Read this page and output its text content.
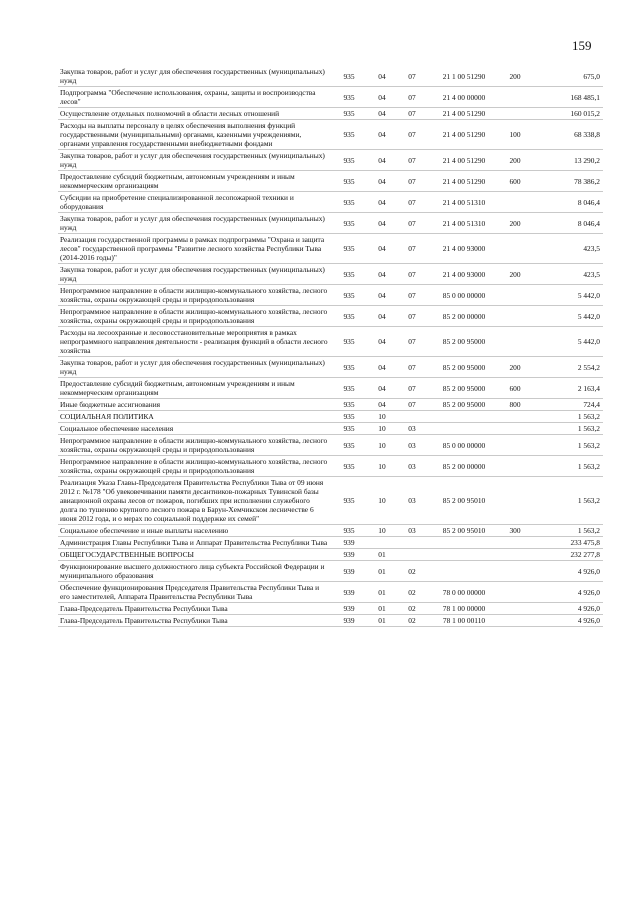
159
Закупка товаров, работ и услуг для обеспечения государственных (муниципальных) нужд	935	04	07	21 1 00 51290	200	675,0
Подпрограмма "Обеспечение использования, охраны, защиты и воспроизводства лесов"	935	04	07	21 4 00 00000		168 485,1
Осуществление отдельных полномочий в области лесных отношений	935	04	07	21 4 00 51290		160 015,2
Расходы на выплаты персоналу в целях обеспечения выполнения функций государственными (муниципальными) органами, казенными учреждениями, органами управления государственными внебюджетными фондами	935	04	07	21 4 00 51290	100	68 338,8
Закупка товаров, работ и услуг для обеспечения государственных (муниципальных) нужд	935	04	07	21 4 00 51290	200	13 290,2
Предоставление субсидий бюджетным, автономным учреждениям и иным некоммерческим организациям	935	04	07	21 4 00 51290	600	78 386,2
Субсидии на приобретение специализированной лесопожарной техники и оборудования	935	04	07	21 4 00 51310		8 046,4
Закупка товаров, работ и услуг для обеспечения государственных (муниципальных) нужд	935	04	07	21 4 00 51310	200	8 046,4
Реализация государственной программы в рамках подпрограммы "Охрана и защита лесов" государственной программы "Развитие лесного хозяйства Республики Тыва (2014-2016 годы)"	935	04	07	21 4 00 93000		423,5
Закупка товаров, работ и услуг для обеспечения государственных (муниципальных) нужд	935	04	07	21 4 00 93000	200	423,5
Непрограммное направление в области жилищно-коммунального хозяйства, лесного хозяйства, охраны окружающей среды и природопользования	935	04	07	85 0 00 00000		5 442,0
Непрограммное направление в области жилищно-коммунального хозяйства, лесного хозяйства, охраны окружающей среды и природопользования	935	04	07	85 2 00 00000		5 442,0
Расходы на лесоохранные и лесовосстановительные мероприятия в рамках непрограммного направления деятельности - реализация функций в области лесного хозяйства	935	04	07	85 2 00 95000		5 442,0
Закупка товаров, работ и услуг для обеспечения государственных (муниципальных) нужд	935	04	07	85 2 00 95000	200	2 554,2
Предоставление субсидий бюджетным, автономным учреждениям и иным некоммерческим организациям	935	04	07	85 2 00 95000	600	2 163,4
Иные бюджетные ассигнования	935	04	07	85 2 00 95000	800	724,4
СОЦИАЛЬНАЯ ПОЛИТИКА	935	10				1 563,2
Социальное обеспечение населения	935	10	03			1 563,2
Непрограммное направление в области жилищно-коммунального хозяйства, лесного хозяйства, охраны окружающей среды и природопользования	935	10	03	85 0 00 00000		1 563,2
Непрограммное направление в области жилищно-коммунального хозяйства, лесного хозяйства, охраны окружающей среды и природопользования	935	10	03	85 2 00 00000		1 563,2
Реализация Указа Главы-Председателя Правительства Республики Тыва от 09 июня 2012 г. №178 "Об увековечивании памяти десантников-пожарных Тувинской базы авиационной охраны лесов от пожаров, погибших при исполнении служебного долга по тушению крупного лесного пожара в Барун-Хемчикском лесничестве 6 июня 2012 года, и о мерах по социальной поддержке их семей"	935	10	03	85 2 00 95010		1 563,2
Социальное обеспечение и иные выплаты населению	935	10	03	85 2 00 95010	300	1 563,2
Администрация Главы Республики Тыва и Аппарат Правительства Республики Тыва	939					233 475,8
ОБЩЕГОСУДАРСТВЕННЫЕ ВОПРОСЫ	939	01				232 277,8
Функционирование высшего должностного лица субъекта Российской Федерации и муниципального образования	939	01	02			4 926,0
Обеспечение функционирования Председателя Правительства Республики Тыва и его заместителей, Аппарата Правительства Республики Тыва	939	01	02	78 0 00 00000		4 926,0
Глава-Председатель Правительства Республики Тыва	939	01	02	78 1 00 00000		4 926,0
Глава-Председатель Правительства Республики Тыва	939	01	02	78 1 00 00110		4 926,0
